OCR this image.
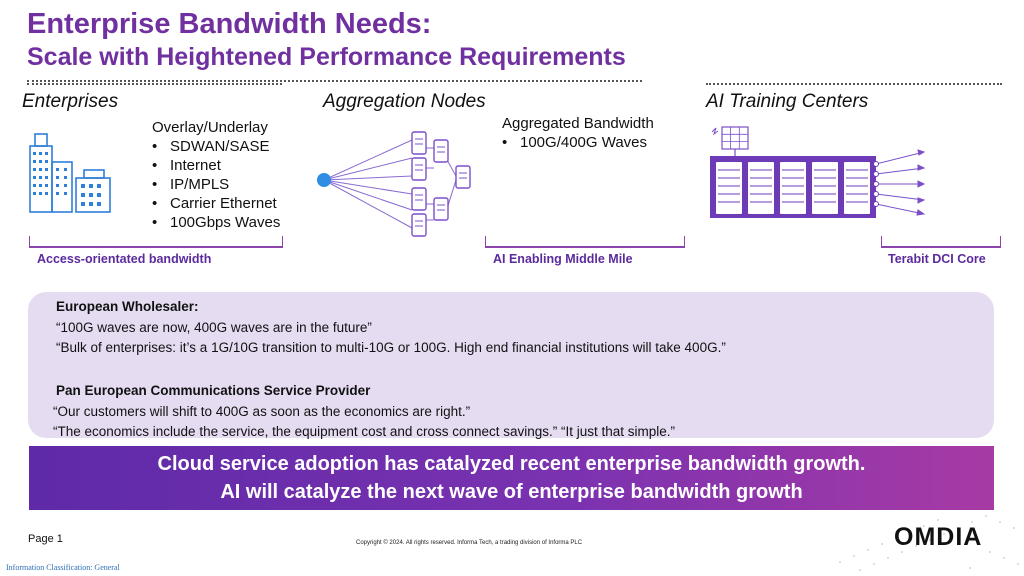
Enterprise Bandwidth Needs:
Scale with Heightened Performance Requirements
Enterprises	Aggregation Nodes	AI Training Centers
Overlay/Underlay
• SDWAN/SASE
• Internet
• IP/MPLS
• Carrier Ethernet
• 100Gbps Waves
Aggregated Bandwidth
• 100G/400G Waves
Access-orientated bandwidth	AI Enabling Middle Mile	Terabit DCI Core
European Wholesaler:
“100G waves are now, 400G waves are in the future”
“Bulk of enterprises: it’s a 1G/10G transition to multi-10G or 100G. High end financial institutions will take 400G.”
Pan European Communications Service Provider
“Our customers will shift to 400G as soon as the economics are right.”
“The economics include the service, the equipment cost and cross connect savings.” “It just that simple.”
Cloud service adoption has catalyzed recent enterprise bandwidth growth.
AI will catalyze the next wave of enterprise bandwidth growth
Page 1	Copyright © 2024. All rights reserved. Informa Tech, a trading division of Informa PLC
Information Classification: General
OMDIA
